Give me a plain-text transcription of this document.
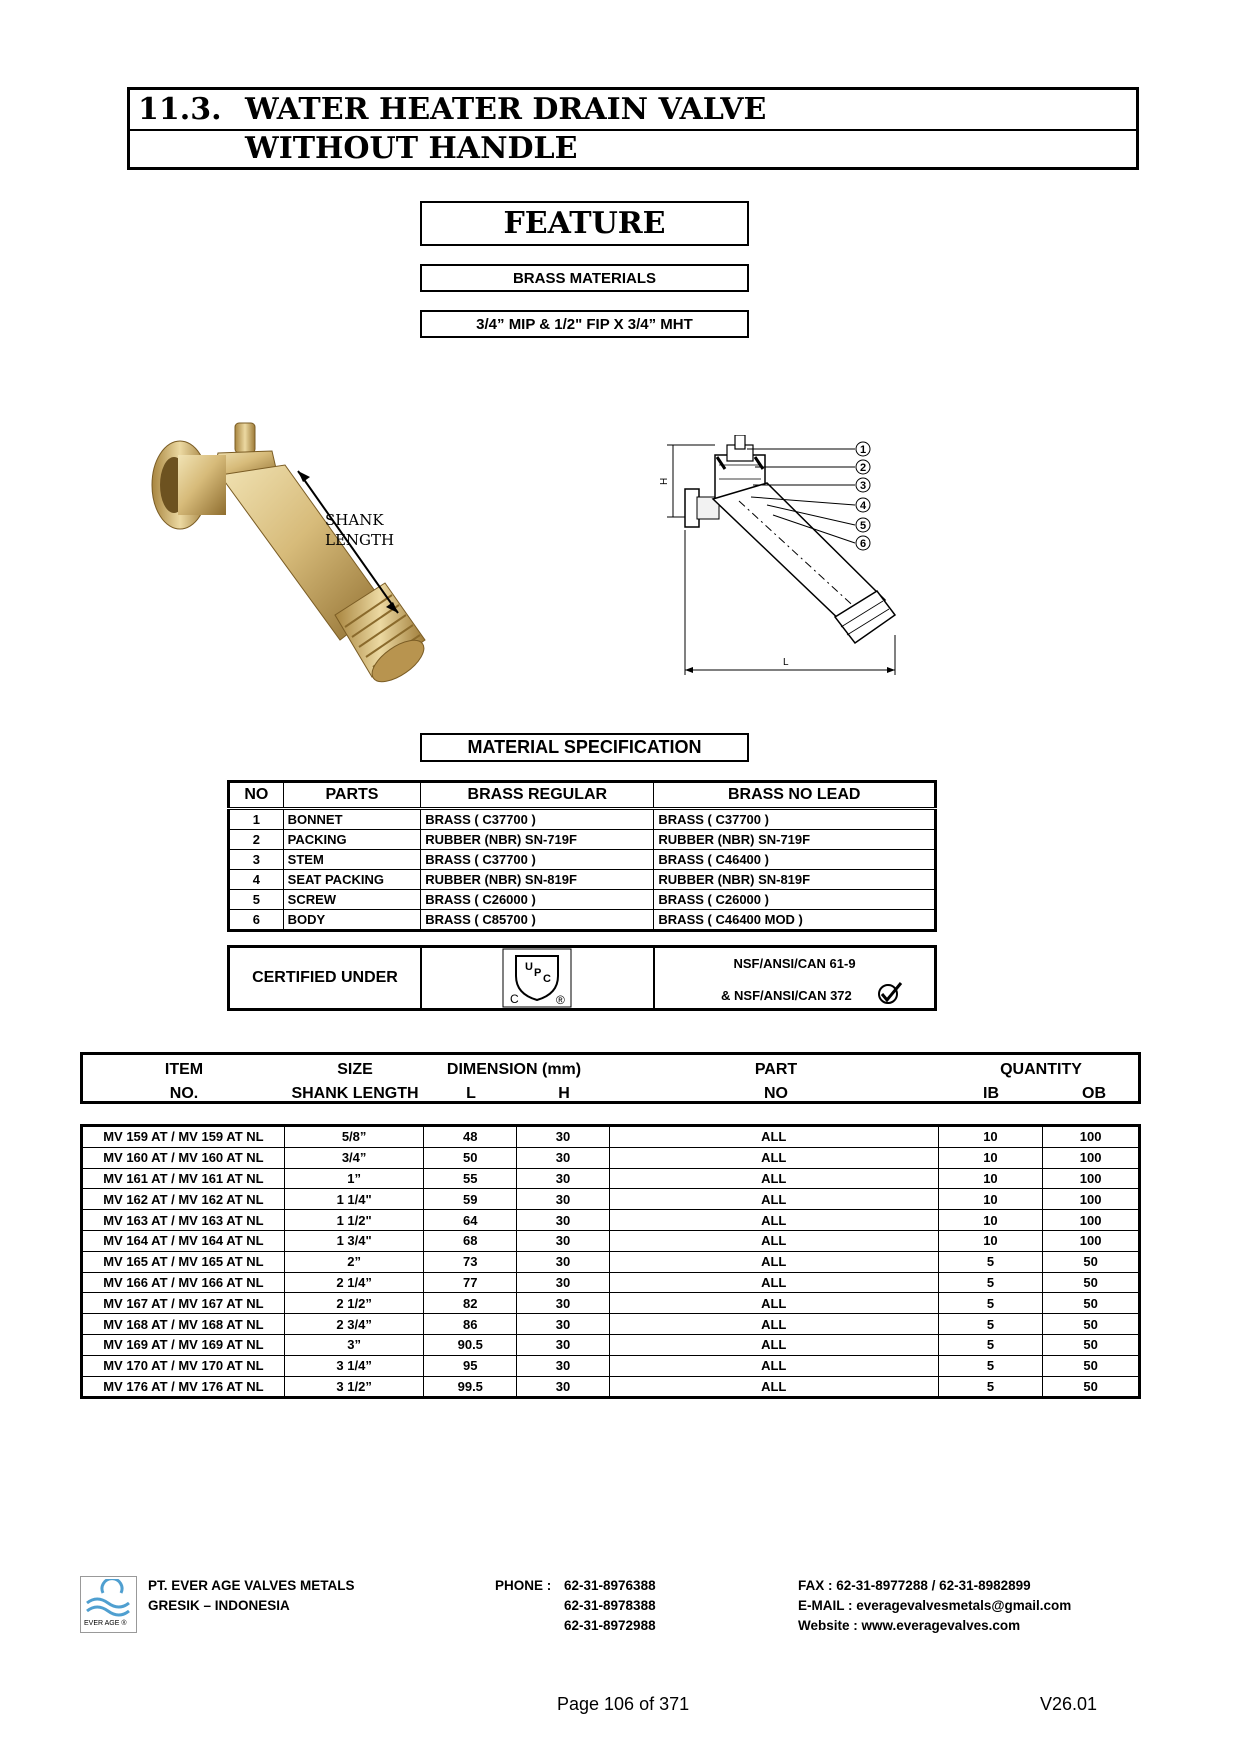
11.3. WATER HEATER DRAIN VALVE
WITHOUT HANDLE
FEATURE
BRASS MATERIALS
3/4” MIP & 1/2" FIP X 3/4” MHT
SHANK
LENGTH
H
L
1
2
3
4
5
6
MATERIAL SPECIFICATION
NO	PARTS	BRASS REGULAR	BRASS NO LEAD
1	BONNET	BRASS ( C37700 )	BRASS ( C37700 )
2	PACKING	RUBBER (NBR) SN-719F	RUBBER (NBR) SN-719F
3	STEM	BRASS ( C37700 )	BRASS ( C46400 )
4	SEAT PACKING	RUBBER (NBR) SN-819F	RUBBER (NBR) SN-819F
5	SCREW	BRASS ( C26000 )	BRASS ( C26000 )
6	BODY	BRASS ( C85700 )	BRASS ( C46400 MOD )
CERTIFIED UNDER	
U P C
C	®

NSF/ANSI/CAN 61-9
& NSF/ANSI/CAN 372
ITEM
NO.
SIZE
SHANK LENGTH
DIMENSION (mm)
L	H
PART
NO
QUANTITY
IB	OB
MV 159 AT / MV 159 AT NL	5/8”	48	30	ALL	10	100
MV 160 AT / MV 160 AT NL	3/4”	50	30	ALL	10	100
MV 161 AT / MV 161 AT NL	1”	55	30	ALL	10	100
MV 162 AT / MV 162 AT NL	1 1/4"	59	30	ALL	10	100
MV 163 AT / MV 163 AT NL	1 1/2"	64	30	ALL	10	100
MV 164 AT / MV 164 AT NL	1 3/4"	68	30	ALL	10	100
MV 165 AT / MV 165 AT NL	2”	73	30	ALL	5	50
MV 166 AT / MV 166 AT NL	2 1/4”	77	30	ALL	5	50
MV 167 AT / MV 167 AT NL	2 1/2”	82	30	ALL	5	50
MV 168 AT / MV 168 AT NL	2 3/4”	86	30	ALL	5	50
MV 169 AT / MV 169 AT NL	3”	90.5	30	ALL	5	50
MV 170 AT / MV 170 AT NL	3 1/4”	95	30	ALL	5	50
MV 176 AT / MV 176 AT NL	3 1/2”	99.5	30	ALL	5	50
EVER AGE ®
PT. EVER AGE VALVES METALS
GRESIK – INDONESIA
PHONE : 62-31-8976388
62-31-8978388
62-31-8972988
FAX : 62-31-8977288 / 62-31-8982899
E-MAIL : everagevalvesmetals@gmail.com
Website : www.everagevalves.com
Page 106 of 371	V26.01
